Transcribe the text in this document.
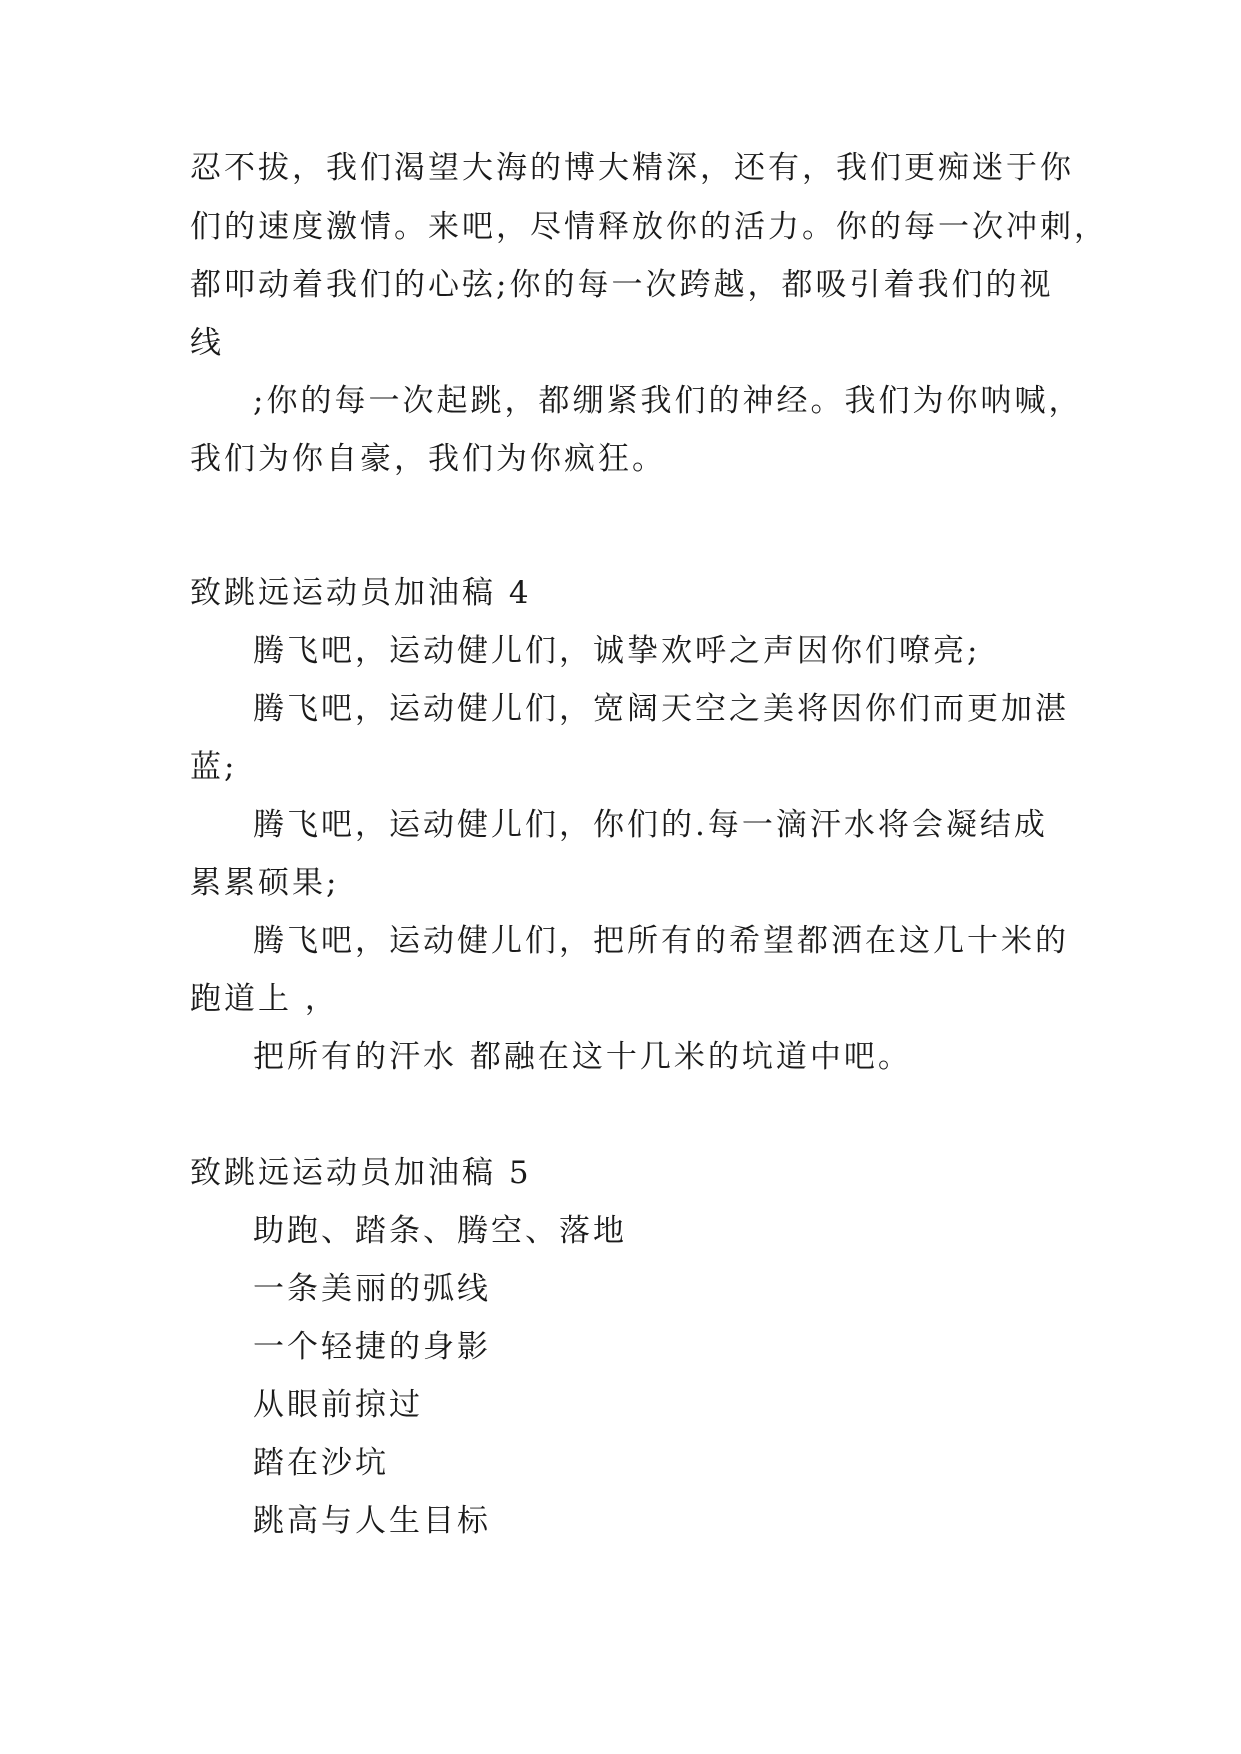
忍不拔，我们渴望大海的博大精深，还有，我们更痴迷于你
们的速度激情。来吧，尽情释放你的活力。你的每一次冲刺，
都叩动着我们的心弦;你的每一次跨越，都吸引着我们的视
线
;你的每一次起跳，都绷紧我们的神经。我们为你呐喊，
我们为你自豪，我们为你疯狂。
致跳远运动员加油稿 4
腾飞吧，运动健儿们，诚挚欢呼之声因你们嘹亮;
腾飞吧，运动健儿们，宽阔天空之美将因你们而更加湛
蓝;
腾飞吧，运动健儿们，你们的.每一滴汗水将会凝结成
累累硕果;
腾飞吧，运动健儿们，把所有的希望都洒在这几十米的
跑道上 ，
把所有的汗水 都融在这十几米的坑道中吧。
致跳远运动员加油稿 5
助跑、踏条、腾空、落地
一条美丽的弧线
一个轻捷的身影
从眼前掠过
踏在沙坑
跳高与人生目标
